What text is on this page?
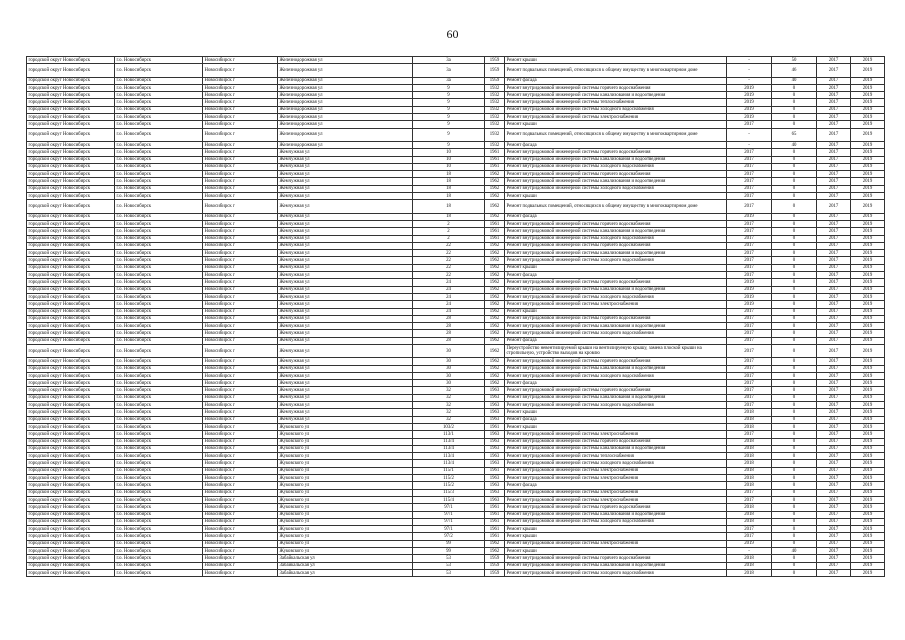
60
городской округ Новосибирск	г.о. Новосибирск	Новосибирск г	Железнодорожная ул	3а	1959	Ремонт крыши	-	50	2017	2019
городской округ Новосибирск	г.о. Новосибирск	Новосибирск г	Железнодорожная ул	3а	1959	Ремонт подвальных помещений, относящихся к общему имуществу в многоквартирном доме	-	46	2017	2019
городской округ Новосибирск	г.о. Новосибирск	Новосибирск г	Железнодорожная ул	3а	1959	Ремонт фасада	-	40	2017	2019
городской округ Новосибирск	г.о. Новосибирск	Новосибирск г	Железнодорожная ул	9	1932	Ремонт внутридомовой инженерной системы горячего водоснабжения	2019	0	2017	2019
городской округ Новосибирск	г.о. Новосибирск	Новосибирск г	Железнодорожная ул	9	1932	Ремонт внутридомовой инженерной системы канализования и водоотведения	2019	0	2017	2019
городской округ Новосибирск	г.о. Новосибирск	Новосибирск г	Железнодорожная ул	9	1932	Ремонт внутридомовой инженерной системы теплоснабжения	2019	0	2017	2019
городской округ Новосибирск	г.о. Новосибирск	Новосибирск г	Железнодорожная ул	9	1932	Ремонт внутридомовой инженерной системы холодного водоснабжения	2019	0	2017	2019
городской округ Новосибирск	г.о. Новосибирск	Новосибирск г	Железнодорожная ул	9	1932	Ремонт внутридомовой инженерной системы электроснабжения	2019	0	2017	2019
городской округ Новосибирск	г.о. Новосибирск	Новосибирск г	Железнодорожная ул	9	1932	Ремонт крыши	2017	0	2017	2019
городской округ Новосибирск	г.о. Новосибирск	Новосибирск г	Железнодорожная ул	9	1932	Ремонт подвальных помещений, относящихся к общему имуществу в многоквартирном доме	-	65	2017	2019
городской округ Новосибирск	г.о. Новосибирск	Новосибирск г	Железнодорожная ул	9	1932	Ремонт фасада	-	40	2017	2019
городской округ Новосибирск	г.о. Новосибирск	Новосибирск г	Жемчужная ул	10	1961	Ремонт внутридомовой инженерной системы горячего водоснабжения	2017	0	2017	2019
городской округ Новосибирск	г.о. Новосибирск	Новосибирск г	Жемчужная ул	10	1961	Ремонт внутридомовой инженерной системы канализования и водоотведения	2017	0	2017	2019
городской округ Новосибирск	г.о. Новосибирск	Новосибирск г	Жемчужная ул	10	1961	Ремонт внутридомовой инженерной системы холодного водоснабжения	2017	0	2017	2019
городской округ Новосибирск	г.о. Новосибирск	Новосибирск г	Жемчужная ул	18	1962	Ремонт внутридомовой инженерной системы горячего водоснабжения	2017	0	2017	2019
городской округ Новосибирск	г.о. Новосибирск	Новосибирск г	Жемчужная ул	18	1962	Ремонт внутридомовой инженерной системы канализования и водоотведения	2017	0	2017	2019
городской округ Новосибирск	г.о. Новосибирск	Новосибирск г	Жемчужная ул	18	1962	Ремонт внутридомовой инженерной системы холодного водоснабжения	2017	0	2017	2019
городской округ Новосибирск	г.о. Новосибирск	Новосибирск г	Жемчужная ул	18	1962	Ремонт крыши	2017	0	2017	2019
городской округ Новосибирск	г.о. Новосибирск	Новосибирск г	Жемчужная ул	18	1962	Ремонт подвальных помещений, относящихся к общему имуществу в многоквартирном доме	2017	0	2017	2019
городской округ Новосибирск	г.о. Новосибирск	Новосибирск г	Жемчужная ул	18	1962	Ремонт фасада	2019	0	2017	2019
городской округ Новосибирск	г.о. Новосибирск	Новосибирск г	Жемчужная ул	2	1961	Ремонт внутридомовой инженерной системы горячего водоснабжения	2017	0	2017	2019
городской округ Новосибирск	г.о. Новосибирск	Новосибирск г	Жемчужная ул	2	1961	Ремонт внутридомовой инженерной системы канализования и водоотведения	2017	0	2017	2019
городской округ Новосибирск	г.о. Новосибирск	Новосибирск г	Жемчужная ул	2	1961	Ремонт внутридомовой инженерной системы холодного водоснабжения	2017	0	2017	2019
городской округ Новосибирск	г.о. Новосибирск	Новосибирск г	Жемчужная ул	22	1962	Ремонт внутридомовой инженерной системы горячего водоснабжения	2017	0	2017	2019
городской округ Новосибирск	г.о. Новосибирск	Новосибирск г	Жемчужная ул	22	1962	Ремонт внутридомовой инженерной системы канализования и водоотведения	2017	0	2017	2019
городской округ Новосибирск	г.о. Новосибирск	Новосибирск г	Жемчужная ул	22	1962	Ремонт внутридомовой инженерной системы холодного водоснабжения	2017	0	2017	2019
городской округ Новосибирск	г.о. Новосибирск	Новосибирск г	Жемчужная ул	22	1962	Ремонт крыши	2017	0	2017	2019
городской округ Новосибирск	г.о. Новосибирск	Новосибирск г	Жемчужная ул	22	1962	Ремонт фасада	2017	0	2017	2019
городской округ Новосибирск	г.о. Новосибирск	Новосибирск г	Жемчужная ул	24	1962	Ремонт внутридомовой инженерной системы горячего водоснабжения	2019	0	2017	2019
городской округ Новосибирск	г.о. Новосибирск	Новосибирск г	Жемчужная ул	24	1962	Ремонт внутридомовой инженерной системы канализования и водоотведения	2019	0	2017	2019
городской округ Новосибирск	г.о. Новосибирск	Новосибирск г	Жемчужная ул	24	1962	Ремонт внутридомовой инженерной системы холодного водоснабжения	2019	0	2017	2019
городской округ Новосибирск	г.о. Новосибирск	Новосибирск г	Жемчужная ул	24	1962	Ремонт внутридомовой инженерной системы электроснабжения	2019	0	2017	2019
городской округ Новосибирск	г.о. Новосибирск	Новосибирск г	Жемчужная ул	24	1962	Ремонт крыши	2017	0	2017	2019
городской округ Новосибирск	г.о. Новосибирск	Новосибирск г	Жемчужная ул	28	1962	Ремонт внутридомовой инженерной системы горячего водоснабжения	2017	0	2017	2019
городской округ Новосибирск	г.о. Новосибирск	Новосибирск г	Жемчужная ул	28	1962	Ремонт внутридомовой инженерной системы канализования и водоотведения	2017	0	2017	2019
городской округ Новосибирск	г.о. Новосибирск	Новосибирск г	Жемчужная ул	28	1962	Ремонт внутридомовой инженерной системы холодного водоснабжения	2017	0	2017	2019
городской округ Новосибирск	г.о. Новосибирск	Новосибирск г	Жемчужная ул	28	1962	Ремонт фасада	2017	0	2017	2019
городской округ Новосибирск	г.о. Новосибирск	Новосибирск г	Жемчужная ул	30	1962	Переустройство невентилируемой крыши на вентилируемую крышу, замена плоской крыши на стропильную, устройство выходов на кровлю	2017	0	2017	2019
городской округ Новосибирск	г.о. Новосибирск	Новосибирск г	Жемчужная ул	30	1962	Ремонт внутридомовой инженерной системы горячего водоснабжения	2017	0	2017	2019
городской округ Новосибирск	г.о. Новосибирск	Новосибирск г	Жемчужная ул	30	1962	Ремонт внутридомовой инженерной системы канализования и водоотведения	2017	0	2017	2019
городской округ Новосибирск	г.о. Новосибирск	Новосибирск г	Жемчужная ул	30	1962	Ремонт внутридомовой инженерной системы холодного водоснабжения	2017	0	2017	2019
городской округ Новосибирск	г.о. Новосибирск	Новосибирск г	Жемчужная ул	30	1962	Ремонт фасада	2017	0	2017	2019
городской округ Новосибирск	г.о. Новосибирск	Новосибирск г	Жемчужная ул	32	1963	Ремонт внутридомовой инженерной системы горячего водоснабжения	2017	0	2017	2019
городской округ Новосибирск	г.о. Новосибирск	Новосибирск г	Жемчужная ул	32	1963	Ремонт внутридомовой инженерной системы канализования и водоотведения	2017	0	2017	2019
городской округ Новосибирск	г.о. Новосибирск	Новосибирск г	Жемчужная ул	32	1963	Ремонт внутридомовой инженерной системы холодного водоснабжения	2017	0	2017	2019
городской округ Новосибирск	г.о. Новосибирск	Новосибирск г	Жемчужная ул	32	1963	Ремонт крыши	2018	0	2017	2019
городской округ Новосибирск	г.о. Новосибирск	Новосибирск г	Жемчужная ул	32	1963	Ремонт фасада	2018	0	2017	2019
городской округ Новосибирск	г.о. Новосибирск	Новосибирск г	Жуковского ул	103/2	1961	Ремонт крыши	2018	0	2017	2019
городской округ Новосибирск	г.о. Новосибирск	Новосибирск г	Жуковского ул	113/1	1963	Ремонт внутридомовой инженерной системы электроснабжения	2017	0	2017	2019
городской округ Новосибирск	г.о. Новосибирск	Новосибирск г	Жуковского ул	113/4	1963	Ремонт внутридомовой инженерной системы горячего водоснабжения	2018	0	2017	2019
городской округ Новосибирск	г.о. Новосибирск	Новосибирск г	Жуковского ул	113/4	1963	Ремонт внутридомовой инженерной системы канализования и водоотведения	2018	0	2017	2019
городской округ Новосибирск	г.о. Новосибирск	Новосибирск г	Жуковского ул	113/4	1963	Ремонт внутридомовой инженерной системы теплоснабжения	2018	0	2017	2019
городской округ Новосибирск	г.о. Новосибирск	Новосибирск г	Жуковского ул	113/4	1963	Ремонт внутридомовой инженерной системы холодного водоснабжения	2018	0	2017	2019
городской округ Новосибирск	г.о. Новосибирск	Новосибирск г	Жуковского ул	115/1	1961	Ремонт внутридомовой инженерной системы электроснабжения	2018	0	2017	2019
городской округ Новосибирск	г.о. Новосибирск	Новосибирск г	Жуковского ул	115/2	1963	Ремонт внутридомовой инженерной системы электроснабжения	2018	0	2017	2019
городской округ Новосибирск	г.о. Новосибирск	Новосибирск г	Жуковского ул	115/2	1963	Ремонт фасада	2018	0	2017	2019
городской округ Новосибирск	г.о. Новосибирск	Новосибирск г	Жуковского ул	115/3	1963	Ремонт внутридомовой инженерной системы электроснабжения	2017	0	2017	2019
городской округ Новосибирск	г.о. Новосибирск	Новосибирск г	Жуковского ул	115/4	1963	Ремонт внутридомовой инженерной системы электроснабжения	2017	0	2017	2019
городской округ Новосибирск	г.о. Новосибирск	Новосибирск г	Жуковского ул	97/1	1961	Ремонт внутридомовой инженерной системы горячего водоснабжения	2018	0	2017	2019
городской округ Новосибирск	г.о. Новосибирск	Новосибирск г	Жуковского ул	97/1	1961	Ремонт внутридомовой инженерной системы канализования и водоотведения	2018	0	2017	2019
городской округ Новосибирск	г.о. Новосибирск	Новосибирск г	Жуковского ул	97/1	1961	Ремонт внутридомовой инженерной системы холодного водоснабжения	2018	0	2017	2019
городской округ Новосибирск	г.о. Новосибирск	Новосибирск г	Жуковского ул	97/1	1961	Ремонт крыши	2017	0	2017	2019
городской округ Новосибирск	г.о. Новосибирск	Новосибирск г	Жуковского ул	97/2	1961	Ремонт крыши	2017	0	2017	2019
городской округ Новосибирск	г.о. Новосибирск	Новосибирск г	Жуковского ул	99	1962	Ремонт внутридомовой инженерной системы электроснабжения	2019	0	2017	2019
городской округ Новосибирск	г.о. Новосибирск	Новосибирск г	Жуковского ул	99	1962	Ремонт крыши	-	40	2017	2019
городской округ Новосибирск	г.о. Новосибирск	Новосибирск г	Забайкальская ул	53	1959	Ремонт внутридомовой инженерной системы горячего водоснабжения	2018	0	2017	2019
городской округ Новосибирск	г.о. Новосибирск	Новосибирск г	Забайкальская ул	53	1959	Ремонт внутридомовой инженерной системы канализования и водоотведения	2018	0	2017	2019
городской округ Новосибирск	г.о. Новосибирск	Новосибирск г	Забайкальская ул	53	1959	Ремонт внутридомовой инженерной системы холодного водоснабжения	2018	0	2017	2019
